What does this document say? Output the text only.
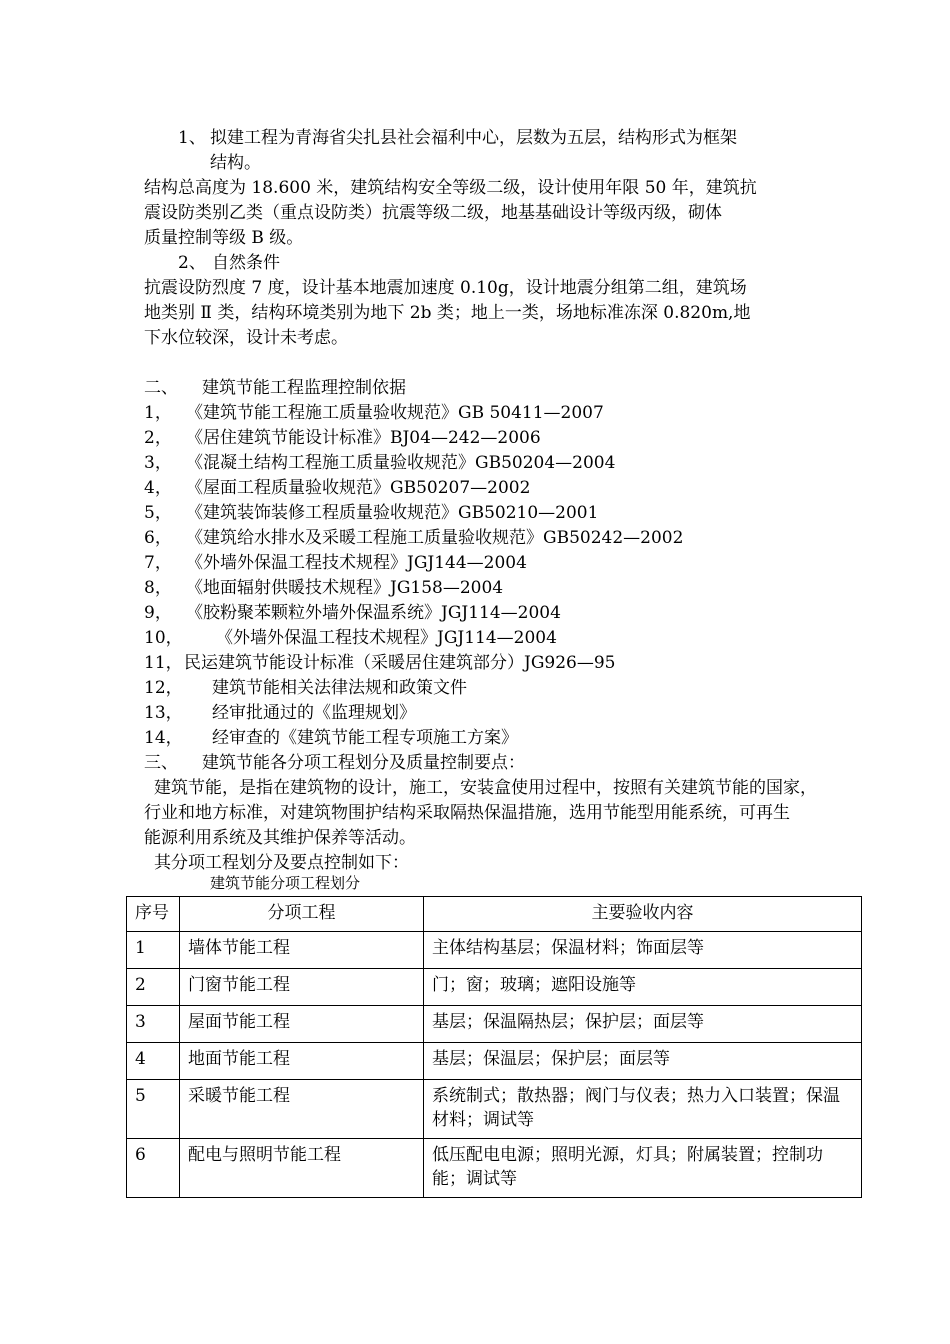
1、 拟建工程为青海省尖扎县社会福利中心，层数为五层，结构形式为框架
结构。
结构总高度为 18.600 米，建筑结构安全等级二级，设计使用年限 50 年，建筑抗
震设防类别乙类（重点设防类）抗震等级二级，地基基础设计等级丙级，砌体
质量控制等级 B 级。
2、 自然条件
抗震设防烈度 7 度，设计基本地震加速度 0.10g，设计地震分组第二组，建筑场
地类别 Ⅱ 类，结构环境类别为地下 2b 类；地上一类，场地标准冻深 0.820m,地
下水位较深，设计未考虑。
二、 建筑节能工程监理控制依据
1， 《建筑节能工程施工质量验收规范》GB 50411—2007
2， 《居住建筑节能设计标准》BJ04—242—2006
3， 《混凝土结构工程施工质量验收规范》GB50204—2004
4， 《屋面工程质量验收规范》GB50207—2002
5， 《建筑装饰装修工程质量验收规范》GB50210—2001
6， 《建筑给水排水及采暖工程施工质量验收规范》GB50242—2002
7， 《外墙外保温工程技术规程》JGJ144—2004
8， 《地面辐射供暖技术规程》JG158—2004
9， 《胶粉聚苯颗粒外墙外保温系统》JGJ114—2004
10， 《外墙外保温工程技术规程》JGJ114—2004
11， 民运建筑节能设计标准（采暖居住建筑部分）JG926—95
12， 建筑节能相关法律法规和政策文件
13， 经审批通过的《监理规划》
14， 经审查的《建筑节能工程专项施工方案》
三、 建筑节能各分项工程划分及质量控制要点：
建筑节能，是指在建筑物的设计，施工，安装盒使用过程中，按照有关建筑节能的国家，
行业和地方标准，对建筑物围护结构采取隔热保温措施，选用节能型用能系统，可再生
能源利用系统及其维护保养等活动。
其分项工程划分及要点控制如下：
建筑节能分项工程划分
序号	分项工程	主要验收内容
1	墙体节能工程	主体结构基层；保温材料；饰面层等
2	门窗节能工程	门；窗；玻璃；遮阳设施等
3	屋面节能工程	基层；保温隔热层；保护层；面层等
4	地面节能工程	基层；保温层；保护层；面层等
5	采暖节能工程	系统制式；散热器；阀门与仪表；热力入口装置；保温材料；调试等
6	配电与照明节能工程	低压配电电源；照明光源，灯具；附属装置；控制功能；调试等
